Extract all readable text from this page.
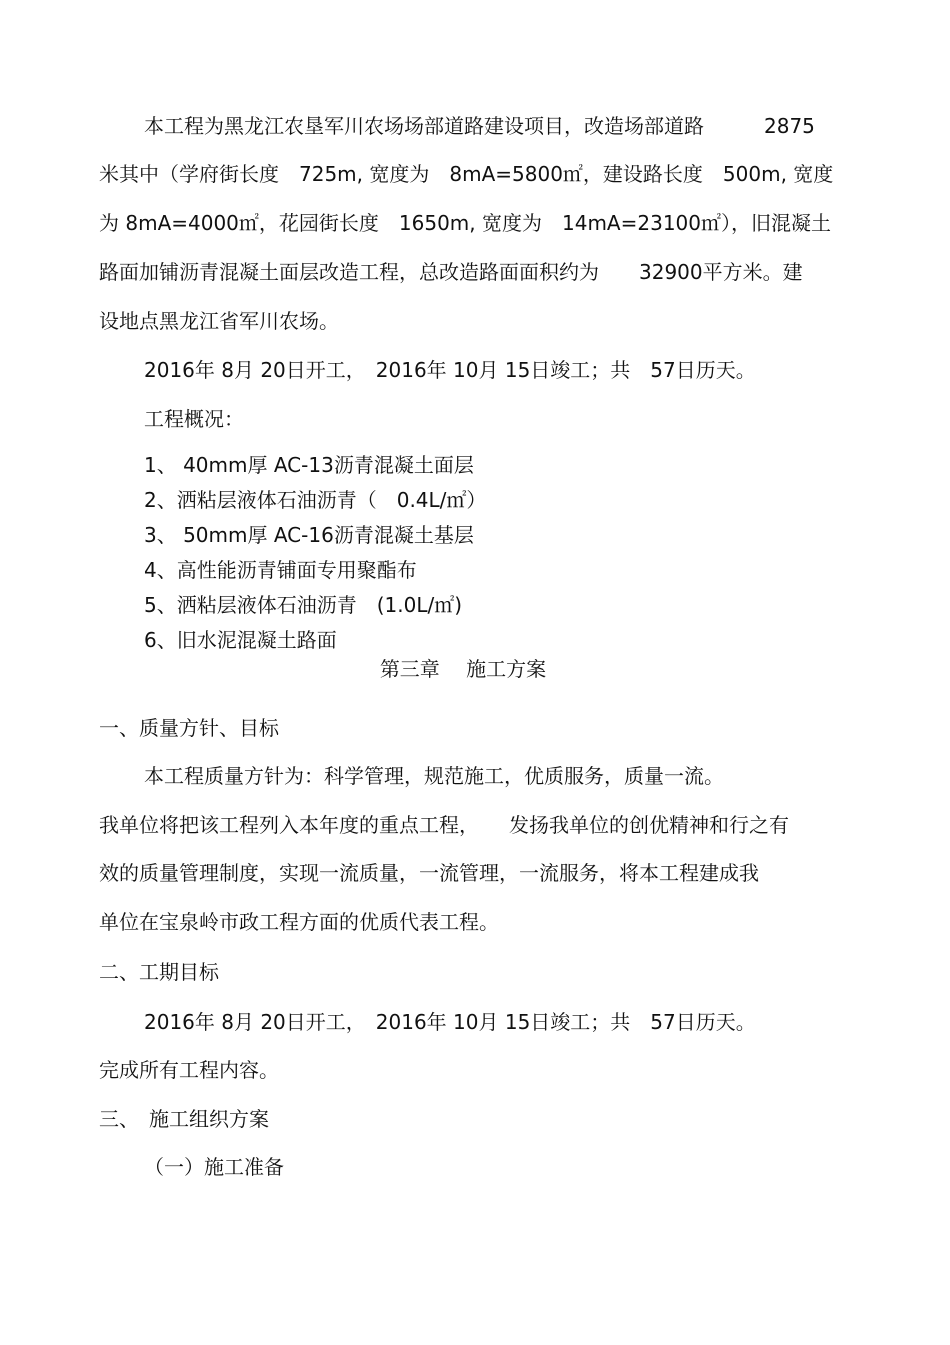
本工程为黑龙江农垦军川农场场部道路建设项目，改造场部道路　　　2875
米其中（学府街长度　725m, 宽度为　8mA=5800㎡，建设路长度　500m, 宽度
为 8mA=4000㎡，花园街长度　1650m, 宽度为　14mA=23100㎡），旧混凝土
路面加铺沥青混凝土面层改造工程，总改造路面面积约为　　32900平方米。建
设地点黑龙江省军川农场。
2016年 8月 20日开工，　2016年 10月 15日竣工；共　57日历天。
工程概况：
1、 40mm厚 AC-13沥青混凝土面层
2、洒粘层液体石油沥青（　0.4L/㎡）
3、 50mm厚 AC-16沥青混凝土基层
4、高性能沥青铺面专用聚酯布
5、洒粘层液体石油沥青　(1.0L/㎡)
6、旧水泥混凝土路面
第三章　 施工方案
一、质量方针、目标
本工程质量方针为：科学管理，规范施工，优质服务，质量一流。
我单位将把该工程列入本年度的重点工程，　　发扬我单位的创优精神和行之有
效的质量管理制度，实现一流质量，一流管理，一流服务，将本工程建成我
单位在宝泉岭市政工程方面的优质代表工程。
二、工期目标
2016年 8月 20日开工，　2016年 10月 15日竣工；共　57日历天。
完成所有工程内容。
三、　施工组织方案
（一）施工准备
